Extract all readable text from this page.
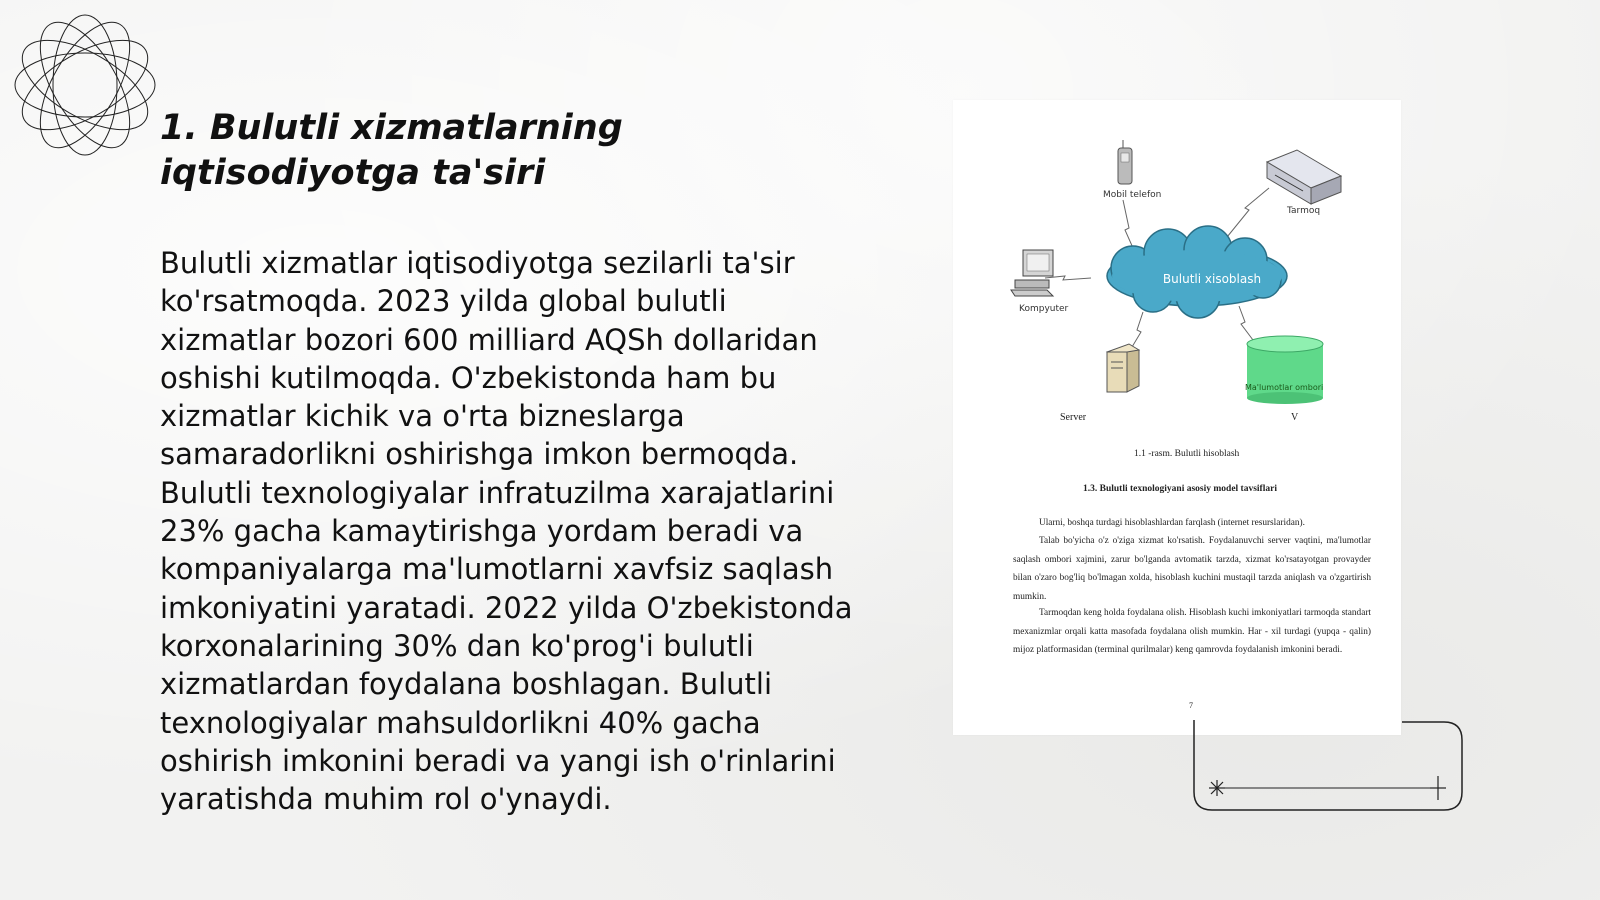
1. Bulutli xizmatlarning iqtisodiyotga ta'siri

Bulutli xizmatlar iqtisodiyotga sezilarli ta'sir ko'rsatmoqda. 2023 yilda global bulutli xizmatlar bozori 600 milliard AQSh dollaridan oshishi kutilmoqda. O'zbekistonda ham bu xizmatlar kichik va o'rta bizneslarga samaradorlikni oshirishga imkon bermoqda. Bulutli texnologiyalar infratuzilma xarajatlarini 23% gacha kamaytirishga yordam beradi va kompaniyalarga ma'lumotlarni xavfsiz saqlash imkoniyatini yaratadi. 2022 yilda O'zbekistonda korxonalarining 30% dan ko'prog'i bulutli xizmatlardan foydalana boshlagan. Bulutli texnologiyalar mahsuldorlikni 40% gacha oshirish imkonini beradi va yangi ish o'rinlarini yaratishda muhim rol o'ynaydi.

Mobil telefon
Tarmoq
Kompyuter
Bulutli xisoblash
Ma'lumotlar ombori
Server	V
1.1 -rasm. Bulutli hisoblash
1.3. Bulutli texnologiyani asosiy model tavsiflari

Ularni, boshqa turdagi hisoblashlardan farqlash (internet resurslaridan).

Talab bo'yicha o'z o'ziga xizmat ko'rsatish. Foydalanuvchi server vaqtini, ma'lumotlar saqlash ombori xajmini, zarur bo'lganda avtomatik tarzda, xizmat ko'rsatayotgan provayder bilan o'zaro bog'liq bo'lmagan xolda, hisoblash kuchini mustaqil tarzda aniqlash va o'zgartirish mumkin.

Tarmoqdan keng holda foydalana olish. Hisoblash kuchi imkoniyatlari tarmoqda standart mexanizmlar orqali katta masofada foydalana olish mumkin. Har - xil turdagi (yupqa - qalin) mijoz platformasidan (terminal qurilmalar) keng qamrovda foydalanish imkonini beradi.

7
